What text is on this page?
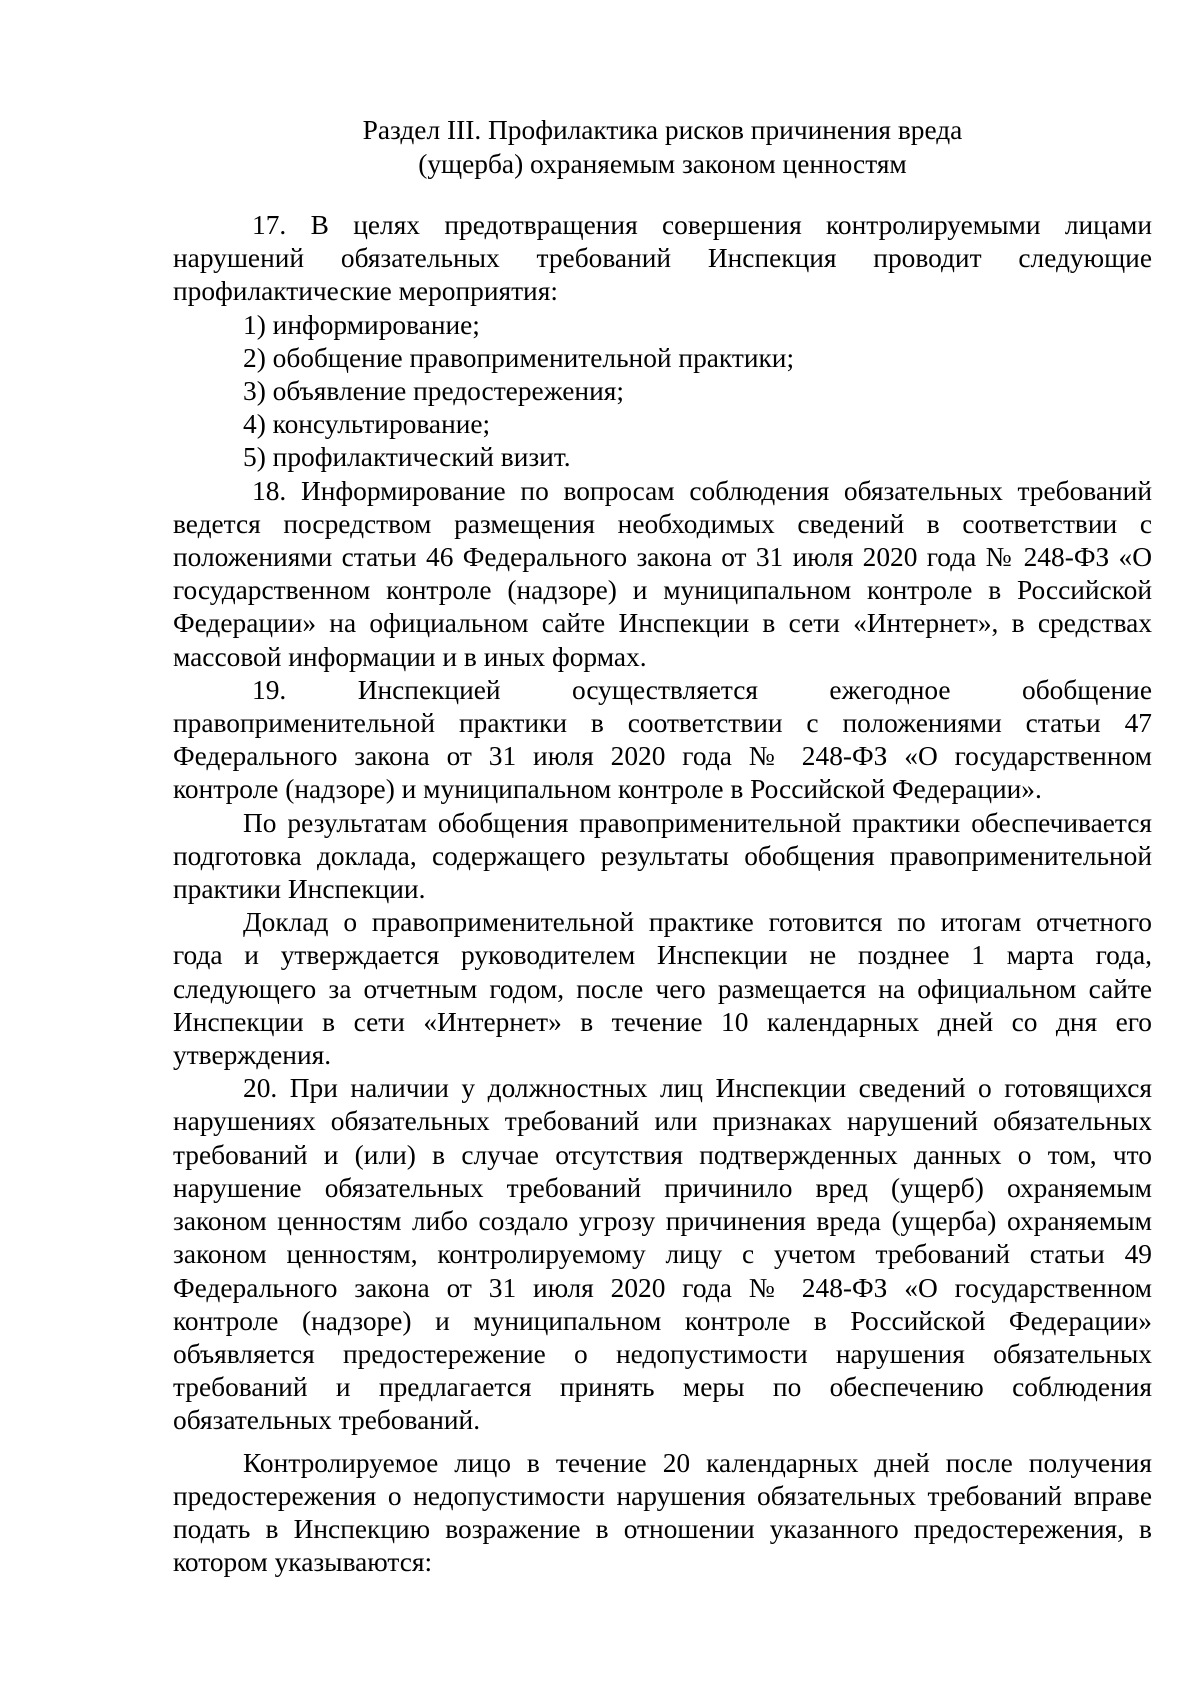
Раздел III. Профилактика рисков причинения вреда
(ущерба) охраняемым законом ценностям

17. В целях предотвращения совершения контролируемыми лицами нарушений обязательных требований Инспекция проводит следующие профилактические мероприятия:

1) информирование;

2) обобщение правоприменительной практики;

3) объявление предостережения;

4) консультирование;

5) профилактический визит.

18. Информирование по вопросам соблюдения обязательных требований ведется посредством размещения необходимых сведений в соответствии с положениями статьи 46 Федерального закона от 31 июля 2020 года № 248-ФЗ «О государственном контроле (надзоре) и муниципальном контроле в Российской Федерации» на официальном сайте Инспекции в сети «Интернет», в средствах массовой информации и в иных формах.

19. Инспекцией осуществляется ежегодное обобщение правоприменительной практики в соответствии с положениями статьи 47 Федерального закона от 31 июля 2020 года № 248-ФЗ «О государственном контроле (надзоре) и муниципальном контроле в Российской Федерации».

По результатам обобщения правоприменительной практики обеспечивается подготовка доклада, содержащего результаты обобщения правоприменительной практики Инспекции.

Доклад о правоприменительной практике готовится по итогам отчетного года и утверждается руководителем Инспекции не позднее 1 марта года, следующего за отчетным годом, после чего размещается на официальном сайте Инспекции в сети «Интернет» в течение 10 календарных дней со дня его утверждения.

20. При наличии у должностных лиц Инспекции сведений о готовящихся нарушениях обязательных требований или признаках нарушений обязательных требований и (или) в случае отсутствия подтвержденных данных о том, что нарушение обязательных требований причинило вред (ущерб) охраняемым законом ценностям либо создало угрозу причинения вреда (ущерба) охраняемым законом ценностям, контролируемому лицу с учетом требований статьи 49 Федерального закона от 31 июля 2020 года № 248-ФЗ «О государственном контроле (надзоре) и муниципальном контроле в Российской Федерации» объявляется предостережение о недопустимости нарушения обязательных требований и предлагается принять меры по обеспечению соблюдения обязательных требований.

Контролируемое лицо в течение 20 календарных дней после получения предостережения о недопустимости нарушения обязательных требований вправе подать в Инспекцию возражение в отношении указанного предостережения, в котором указываются:
